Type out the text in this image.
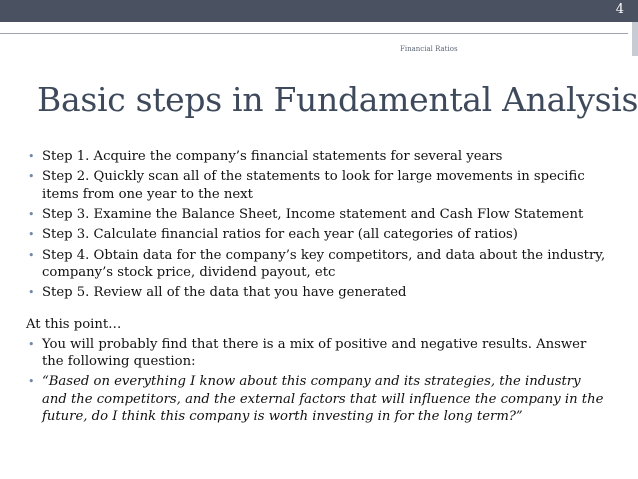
4
Financial Ratios
Basic steps in Fundamental Analysis
• Step 1. Acquire the company’s financial statements for several years
• Step 2. Quickly scan all of the statements to look for large movements in specific items from one year to the next
• Step 3. Examine the Balance Sheet, Income statement and Cash Flow Statement
• Step 3. Calculate financial ratios for each year (all categories of ratios)
• Step 4. Obtain data for the company’s key competitors, and data about the industry, company’s stock price, dividend payout, etc
• Step 5. Review all of the data that you have generated

At this point…

• You will probably find that there is a mix of positive and negative results. Answer the following question:
• “Based on everything I know about this company and its strategies, the industry and the competitors, and the external factors that will influence the company in the future, do I think this company is worth investing in for the long term?”
